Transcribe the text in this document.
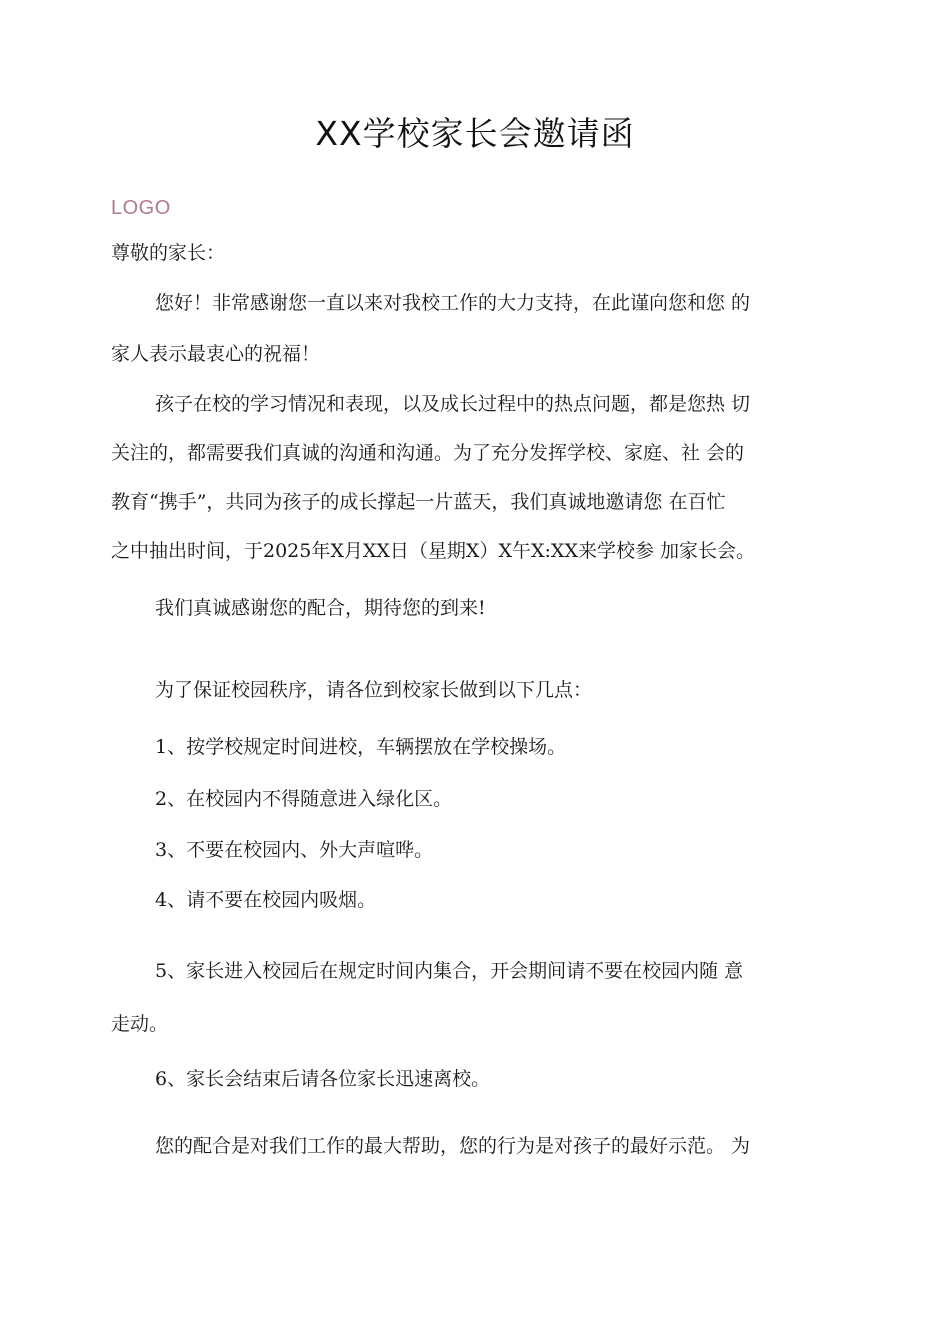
XX学校家长会邀请函
LOGO

尊敬的家长：

您好！非常感谢您一直以来对我校工作的大力支持，在此谨向您和您 的

家人表示最衷心的祝福！

孩子在校的学习情况和表现，以及成长过程中的热点问题，都是您热 切

关注的，都需要我们真诚的沟通和沟通。为了充分发挥学校、家庭、社 会的

教育“携手”，共同为孩子的成长撑起一片蓝天，我们真诚地邀请您 在百忙

之中抽出时间，于2025年X月XX日（星期X）X午X:XX来学校参 加家长会。

我们真诚感谢您的配合，期待您的到来!

为了保证校园秩序，请各位到校家长做到以下几点：

1、按学校规定时间进校，车辆摆放在学校操场。

2、在校园内不得随意进入绿化区。

3、不要在校园内、外大声喧哗。

4、请不要在校园内吸烟。

5、家长进入校园后在规定时间内集合，开会期间请不要在校园内随 意

走动。

6、家长会结束后请各位家长迅速离校。

您的配合是对我们工作的最大帮助，您的行为是对孩子的最好示范。 为
